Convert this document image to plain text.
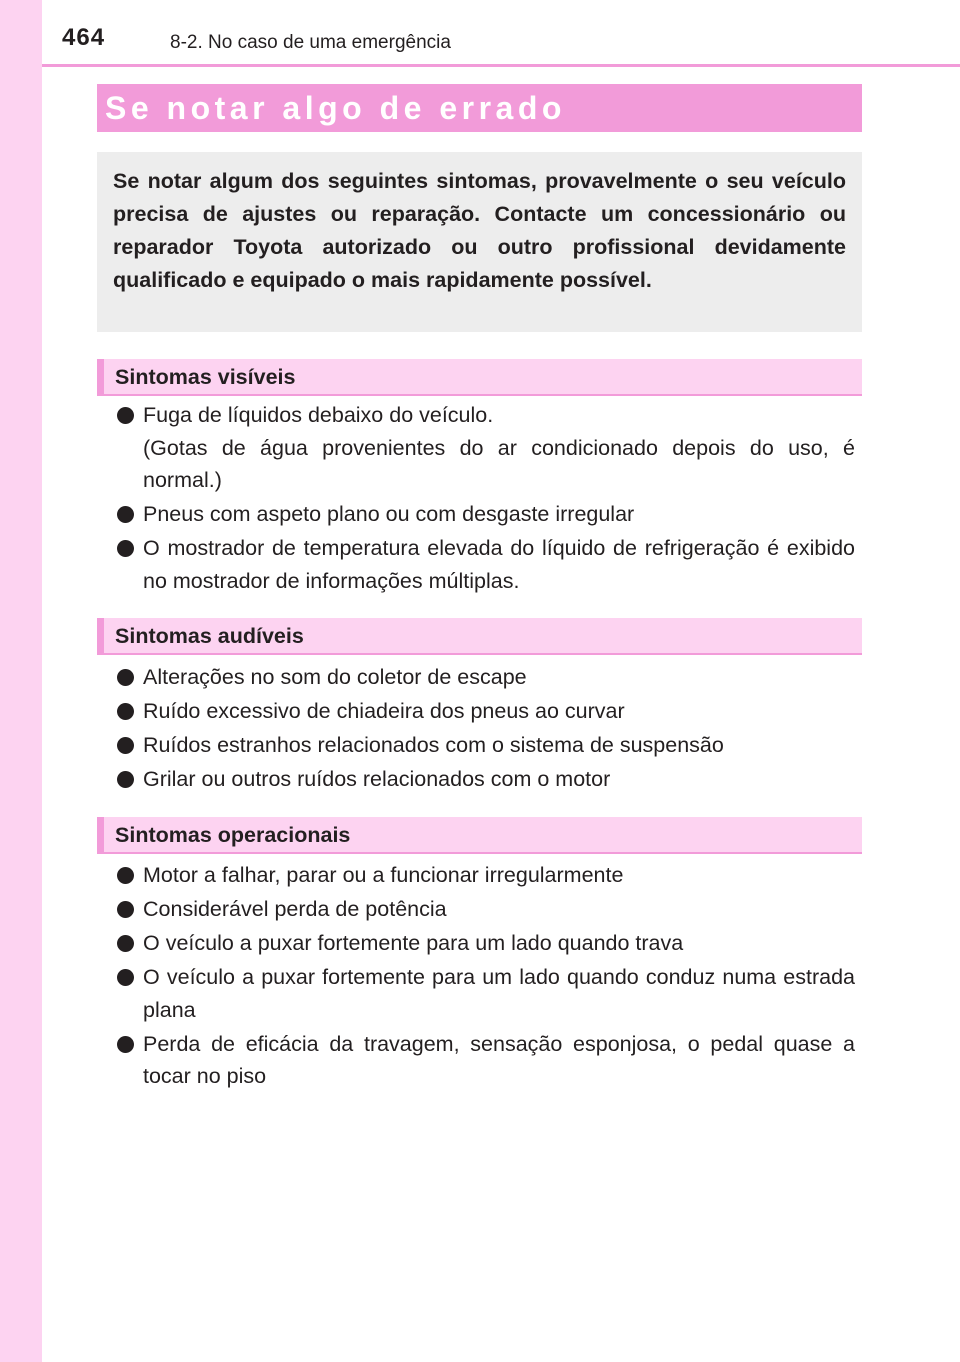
464	8-2. No caso de uma emergência
Se notar algo de errado

Se notar algum dos seguintes sintomas, provavelmente o seu veículo precisa de ajustes ou reparação. Contacte um concessionário ou reparador Toyota autorizado ou outro profissional devidamente qualificado e equipado o mais rapidamente possível.

Sintomas visíveis
Fuga de líquidos debaixo do veículo.
(Gotas de água provenientes do ar condicionado depois do uso, é normal.)
Pneus com aspeto plano ou com desgaste irregular
O mostrador de temperatura elevada do líquido de refrigeração é exibido no mostrador de informações múltiplas.
Sintomas audíveis
Alterações no som do coletor de escape
Ruído excessivo de chiadeira dos pneus ao curvar
Ruídos estranhos relacionados com o sistema de suspensão
Grilar ou outros ruídos relacionados com o motor
Sintomas operacionais
Motor a falhar, parar ou a funcionar irregularmente
Considerável perda de potência
O veículo a puxar fortemente para um lado quando trava
O veículo a puxar fortemente para um lado quando conduz numa estrada plana
Perda de eficácia da travagem, sensação esponjosa, o pedal quase a tocar no piso
